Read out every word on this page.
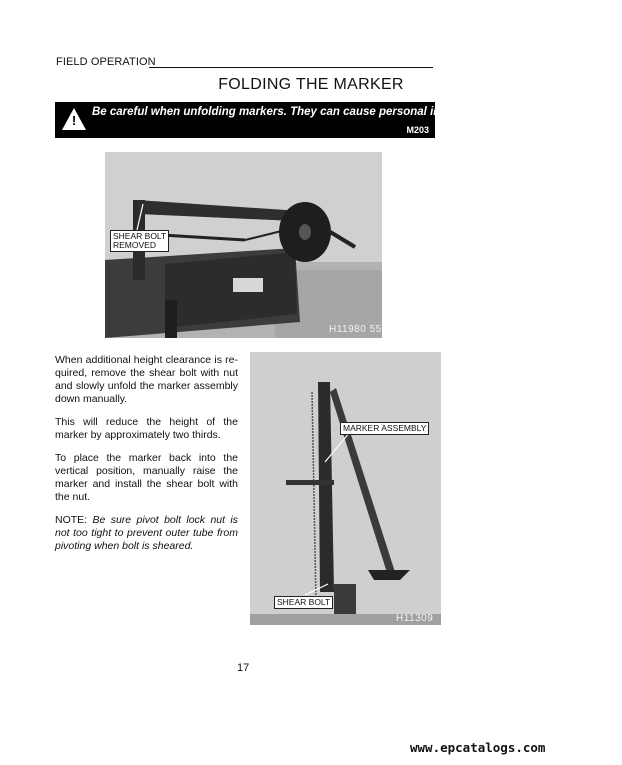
FIELD OPERATION
FOLDING THE MARKER
!
Be careful when unfolding markers. They can cause personal injury.
M203
SHEAR BOLT
REMOVED
H11980 55

When additional height clearance is re-quired, remove the shear bolt with nut and slowly unfold the marker assembly down manually.

This will reduce the height of the marker by approximately two thirds.

To place the marker back into the vertical position, manually raise the marker and install the shear bolt with the nut.

NOTE: Be sure pivot bolt lock nut is not too tight to prevent outer tube from pivoting when bolt is sheared.

MARKER ASSEMBLY
SHEAR BOLT
H11309
17
www.epcatalogs.com
